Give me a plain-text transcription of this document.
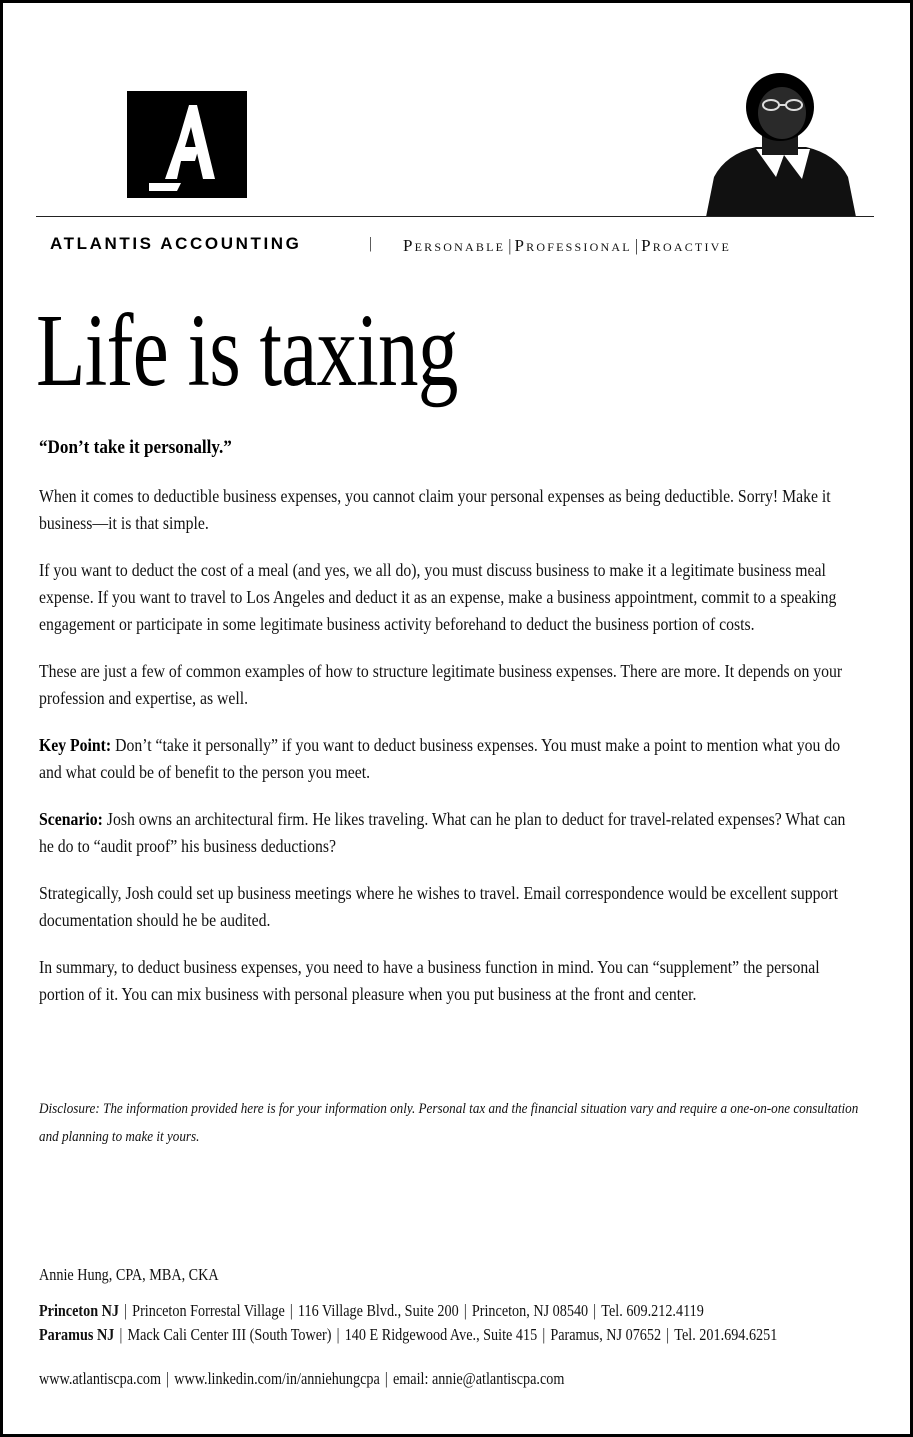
ATLANTIS ACCOUNTING	| Personable | Professional | Proactive
Life is taxing
“Don’t take it personally.”

When it comes to deductible business expenses, you cannot claim your personal expenses as being deductible. Sorry! Make it business—it is that simple.

If you want to deduct the cost of a meal (and yes, we all do), you must discuss business to make it a legitimate business meal expense. If you want to travel to Los Angeles and deduct it as an expense, make a business appointment, commit to a speaking engagement or participate in some legitimate business activity beforehand to deduct the business portion of costs.

These are just a few of common examples of how to structure legitimate business expenses. There are more. It depends on your profession and expertise, as well.

Key Point: Don’t “take it personally” if you want to deduct business expenses. You must make a point to mention what you do and what could be of benefit to the person you meet.

Scenario: Josh owns an architectural firm. He likes traveling. What can he plan to deduct for travel-related expenses? What can he do to “audit proof” his business deductions?

Strategically, Josh could set up business meetings where he wishes to travel. Email correspondence would be excellent support documentation should he be audited.

In summary, to deduct business expenses, you need to have a business function in mind. You can “supplement” the personal portion of it. You can mix business with personal pleasure when you put business at the front and center.

Disclosure: The information provided here is for your information only. Personal tax and the financial situation vary and require a one-on-one consultation and planning to make it yours.
Annie Hung, CPA, MBA, CKA
Princeton NJ | Princeton Forrestal Village | 116 Village Blvd., Suite 200 | Princeton, NJ 08540 | Tel. 609.212.4119
Paramus NJ | Mack Cali Center III (South Tower) | 140 E Ridgewood Ave., Suite 415 | Paramus, NJ 07652 | Tel. 201.694.6251
www.atlantiscpa.com | www.linkedin.com/in/anniehungcpa | email: annie@atlantiscpa.com
